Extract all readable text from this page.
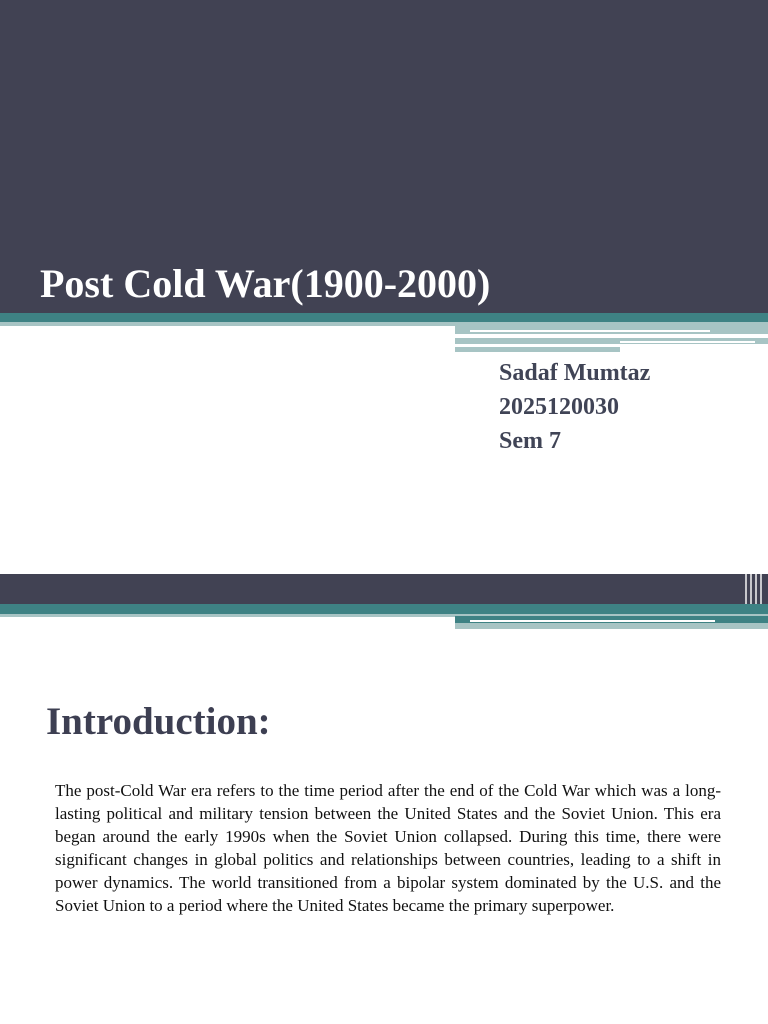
Post Cold War(1900-2000)
Sadaf Mumtaz
2025120030
Sem 7
Introduction:

The post-Cold War era refers to the time period after the end of the Cold War which was a long-lasting political and military tension between the United States and the Soviet Union. This era began around the early 1990s when the Soviet Union collapsed. During this time, there were significant changes in global politics and relationships between countries, leading to a shift in power dynamics. The world transitioned from a bipolar system dominated by the U.S. and the Soviet Union to a period where the United States became the primary superpower.
